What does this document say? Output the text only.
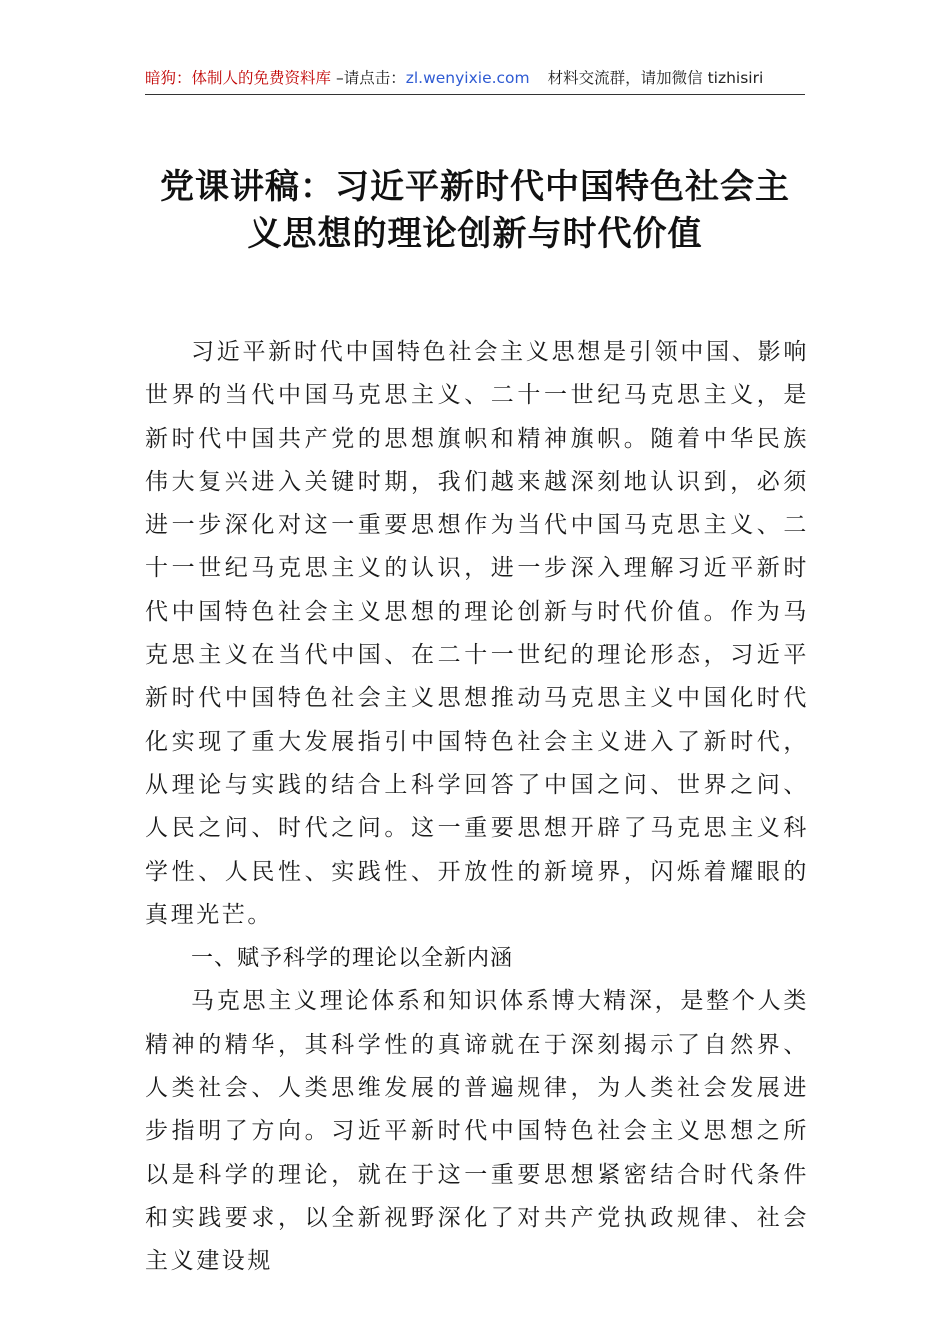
暗狗：体制人的免费资料库 –请点击：zl.wenyixie.com 材料交流群，请加微信 tizhisiri
党课讲稿：习近平新时代中国特色社会主
义思想的理论创新与时代价值

习近平新时代中国特色社会主义思想是引领中国、影响世界的当代中国马克思主义、二十一世纪马克思主义，是新时代中国共产党的思想旗帜和精神旗帜。随着中华民族伟大复兴进入关键时期，我们越来越深刻地认识到，必须进一步深化对这一重要思想作为当代中国马克思主义、二十一世纪马克思主义的认识，进一步深入理解习近平新时代中国特色社会主义思想的理论创新与时代价值。作为马克思主义在当代中国、在二十一世纪的理论形态，习近平新时代中国特色社会主义思想推动马克思主义中国化时代化实现了重大发展指引中国特色社会主义进入了新时代，从理论与实践的结合上科学回答了中国之问、世界之问、人民之问、时代之问。这一重要思想开辟了马克思主义科学性、人民性、实践性、开放性的新境界，闪烁着耀眼的真理光芒。

一、赋予科学的理论以全新内涵

马克思主义理论体系和知识体系博大精深，是整个人类精神的精华，其科学性的真谛就在于深刻揭示了自然界、人类社会、人类思维发展的普遍规律，为人类社会发展进步指明了方向。习近平新时代中国特色社会主义思想之所以是科学的理论，就在于这一重要思想紧密结合时代条件和实践要求，以全新视野深化了对共产党执政规律、社会主义建设规
